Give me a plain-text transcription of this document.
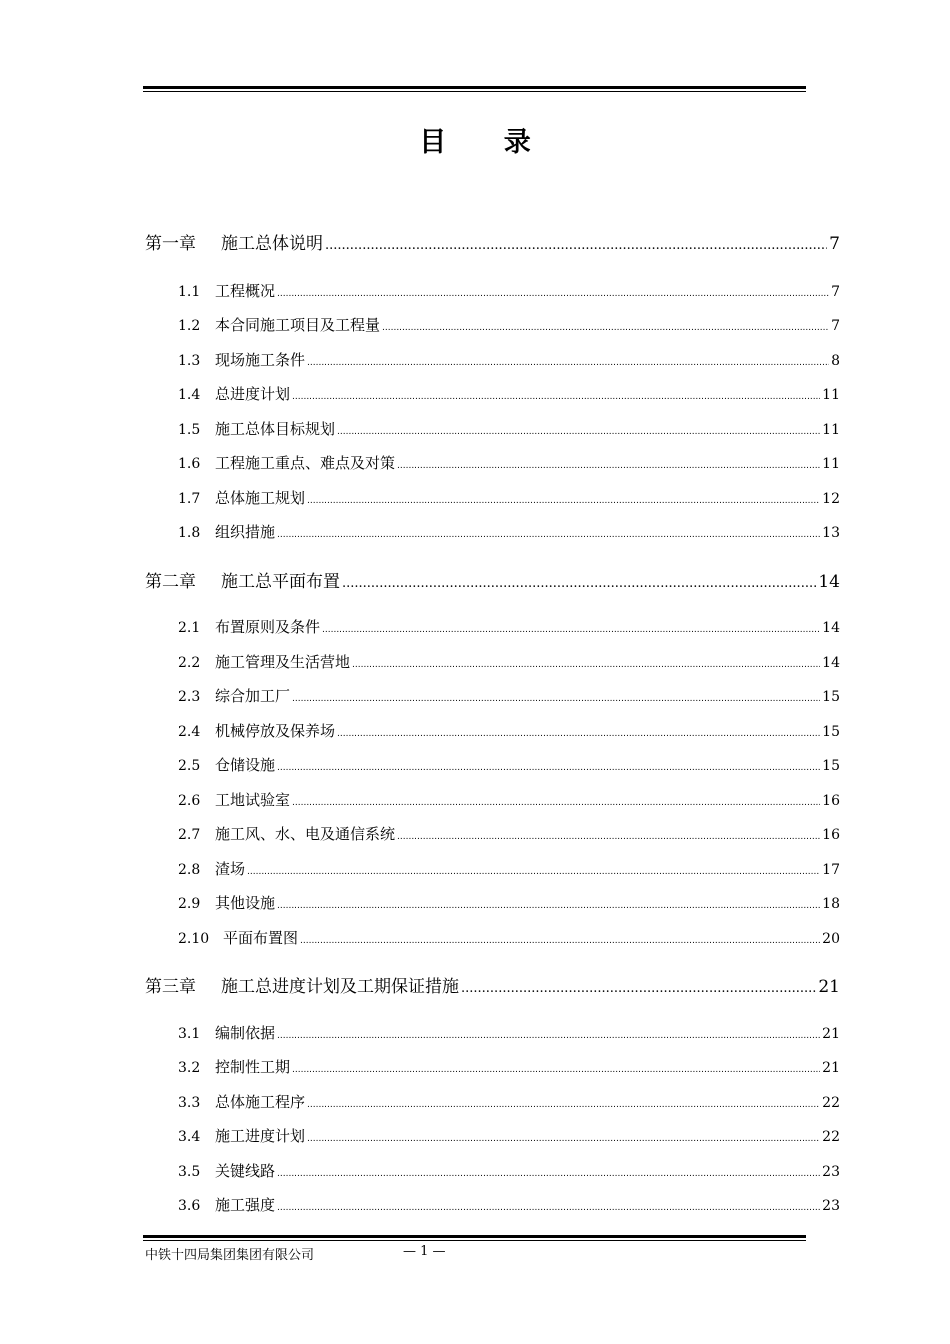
目 录
第一章	施工总体说明 .....	7
1.1 工程概况 .....	7
1.2 本合同施工项目及工程量 .....	7
1.3 现场施工条件 .....	8
1.4 总进度计划 .....	11
1.5 施工总体目标规划 .....	11
1.6 工程施工重点、难点及对策 .....	11
1.7 总体施工规划 .....	12
1.8 组织措施 .....	13
第二章	施工总平面布置 .....	14
2.1 布置原则及条件 .....	14
2.2 施工管理及生活营地 .....	14
2.3 综合加工厂 .....	15
2.4 机械停放及保养场 .....	15
2.5 仓储设施 .....	15
2.6 工地试验室 .....	16
2.7 施工风、水、电及通信系统 .....	16
2.8 渣场 .....	17
2.9 其他设施 .....	18
2.10 平面布置图 .....	20
第三章	施工总进度计划及工期保证措施 .....	21
3.1 编制依据 .....	21
3.2 控制性工期 .....	21
3.3 总体施工程序 .....	22
3.4 施工进度计划 .....	22
3.5 关键线路 .....	23
3.6 施工强度 .....	23
中铁十四局集团集团有限公司	— 1 —
